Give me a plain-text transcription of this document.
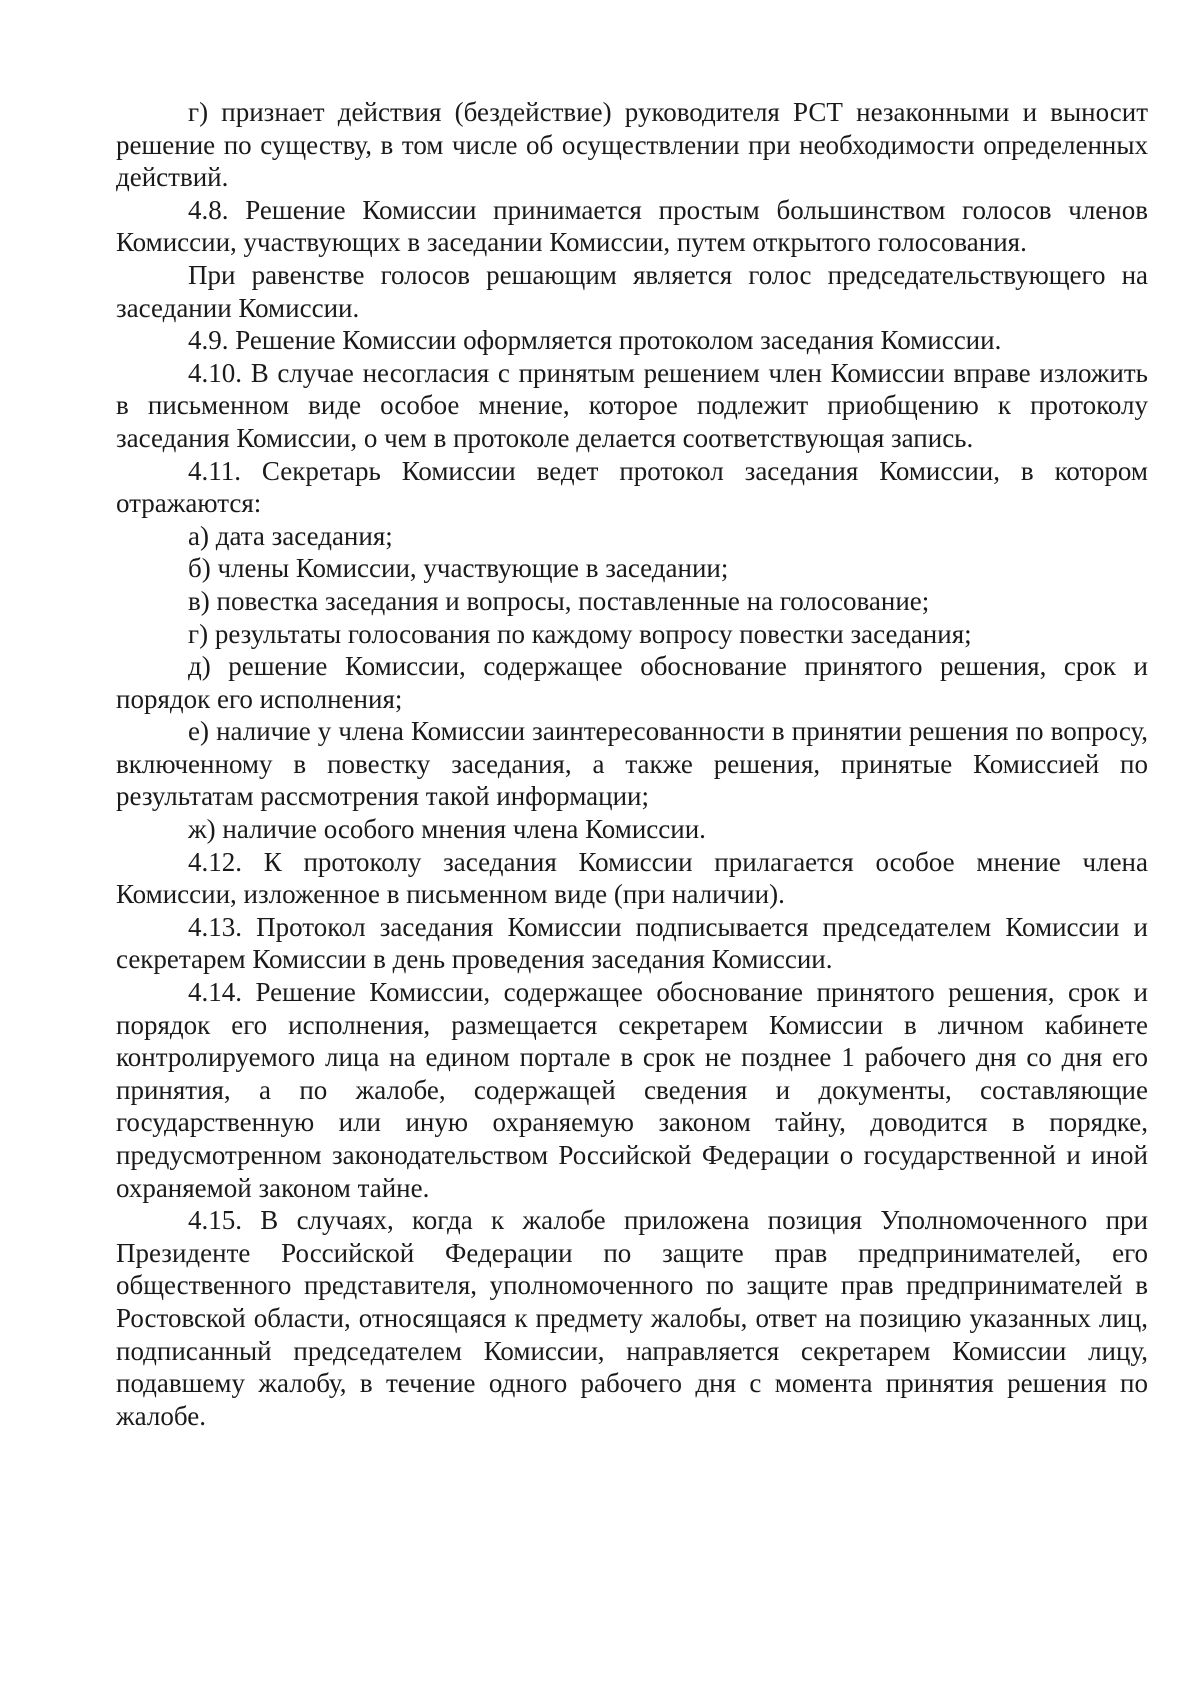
г) признает действия (бездействие) руководителя РСТ незаконными и выносит решение по существу, в том числе об осуществлении при необходимости определенных действий.

4.8. Решение Комиссии принимается простым большинством голосов членов Комиссии, участвующих в заседании Комиссии, путем открытого голосования.

При равенстве голосов решающим является голос председательствующего на заседании Комиссии.

4.9. Решение Комиссии оформляется протоколом заседания Комиссии.

4.10. В случае несогласия с принятым решением член Комиссии вправе изложить в письменном виде особое мнение, которое подлежит приобщению к протоколу заседания Комиссии, о чем в протоколе делается соответствующая запись.

4.11. Секретарь Комиссии ведет протокол заседания Комиссии, в котором отражаются:

а) дата заседания;

б) члены Комиссии, участвующие в заседании;

в) повестка заседания и вопросы, поставленные на голосование;

г) результаты голосования по каждому вопросу повестки заседания;

д) решение Комиссии, содержащее обоснование принятого решения, срок и порядок его исполнения;

е) наличие у члена Комиссии заинтересованности в принятии решения по вопросу, включенному в повестку заседания, а также решения, принятые Комиссией по результатам рассмотрения такой информации;

ж) наличие особого мнения члена Комиссии.

4.12. К протоколу заседания Комиссии прилагается особое мнение члена Комиссии, изложенное в письменном виде (при наличии).

4.13. Протокол заседания Комиссии подписывается председателем Комиссии и секретарем Комиссии в день проведения заседания Комиссии.

4.14. Решение Комиссии, содержащее обоснование принятого решения, срок и порядок его исполнения, размещается секретарем Комиссии в личном кабинете контролируемого лица на едином портале в срок не позднее 1 рабочего дня со дня его принятия, а по жалобе, содержащей сведения и документы, составляющие государственную или иную охраняемую законом тайну, доводится в порядке, предусмотренном законодательством Российской Федерации о государственной и иной охраняемой законом тайне.

4.15. В случаях, когда к жалобе приложена позиция Уполномоченного при Президенте Российской Федерации по защите прав предпринимателей, его общественного представителя, уполномоченного по защите прав предпринимателей в Ростовской области, относящаяся к предмету жалобы, ответ на позицию указанных лиц, подписанный председателем Комиссии, направляется секретарем Комиссии лицу, подавшему жалобу, в течение одного рабочего дня с момента принятия решения по жалобе.
